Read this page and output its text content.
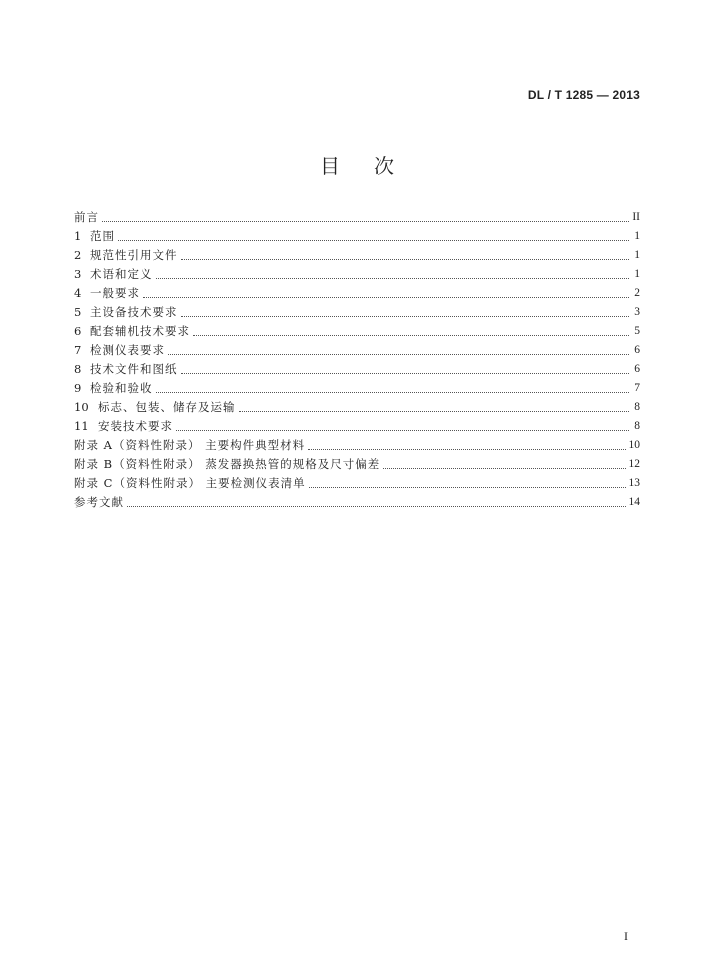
DL / T 1285 — 2013
目次
前言	II
1 范围	1
2 规范性引用文件	1
3 术语和定义	1
4 一般要求	2
5 主设备技术要求	3
6 配套辅机技术要求	5
7 检测仪表要求	6
8 技术文件和图纸	6
9 检验和验收	7
10 标志、包装、储存及运输	8
11 安装技术要求	8
附录 A（资料性附录） 主要构件典型材料	10
附录 B（资料性附录） 蒸发器换热管的规格及尺寸偏差	12
附录 C（资料性附录） 主要检测仪表清单	13
参考文献	14
I
